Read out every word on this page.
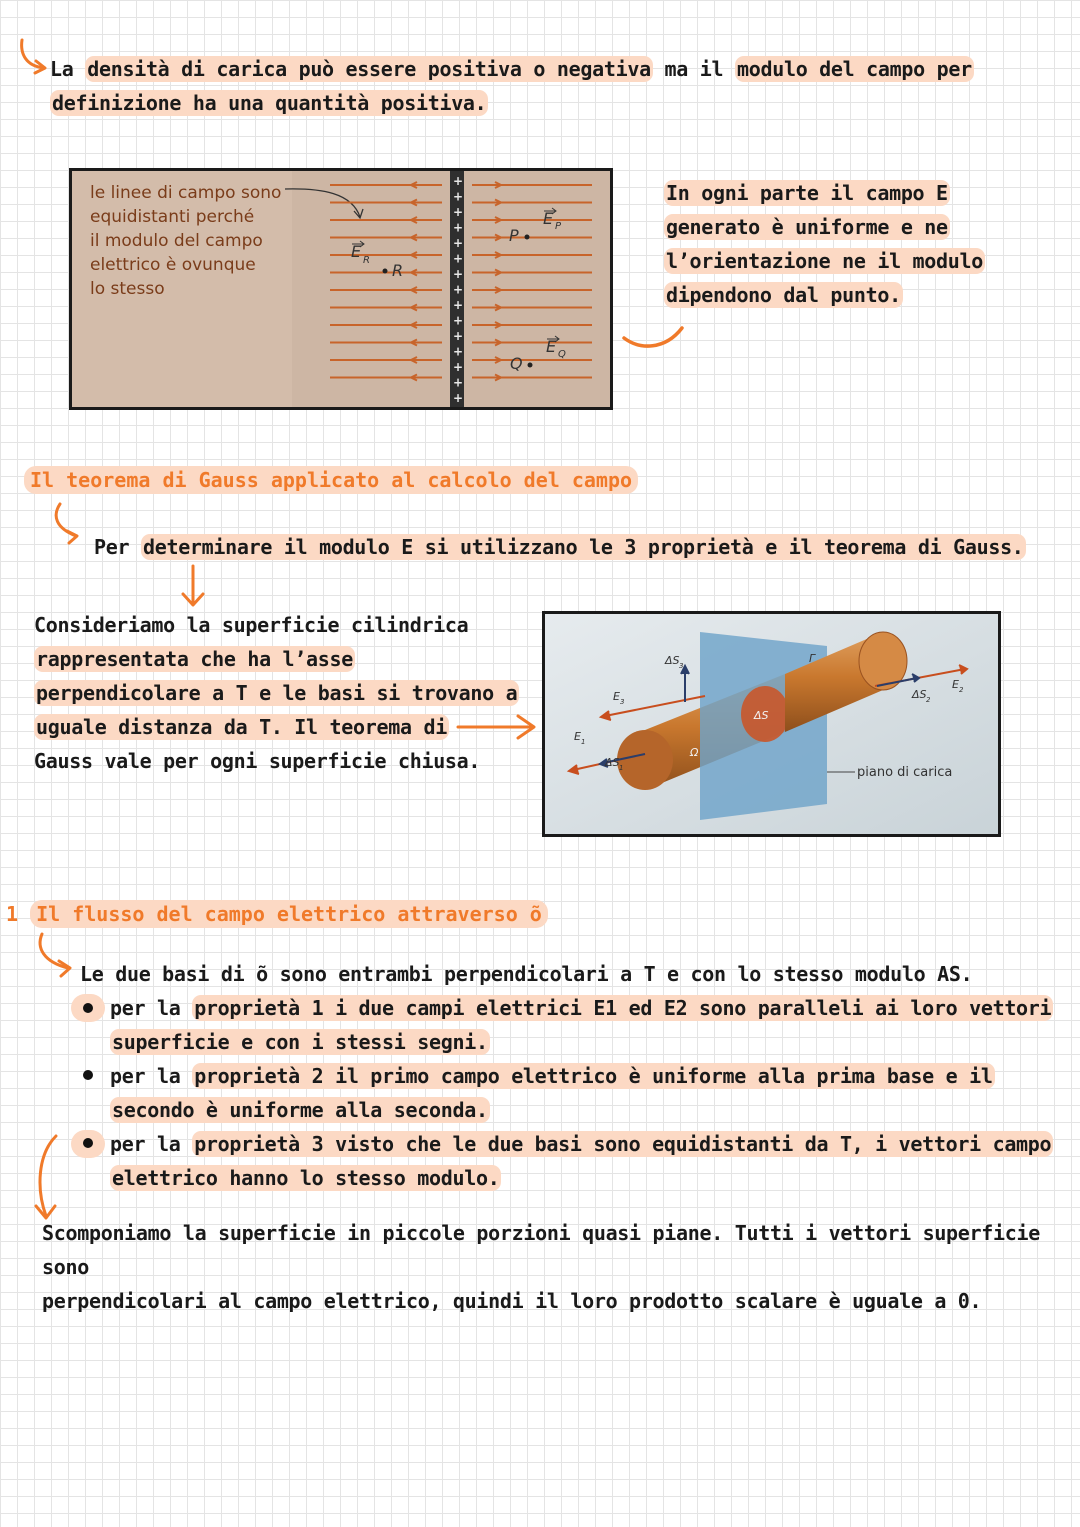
La densità di carica può essere positiva o negativa ma il modulo del campo per
definizione ha una quantità positiva.
le linee di campo sono
equidistanti perché
il modulo del campo
elettrico è ovunque
lo stesso
+
+
+
+
+
+
+
+
+
+
+
+
+
+
+
E R
R
P
E P
Q
E Q
In ogni parte il campo E
generato è uniforme e ne
l’orientazione ne il modulo
dipendono dal punto.
Il teorema di Gauss applicato al calcolo del campo
Per determinare il modulo E si utilizzano le 3 proprietà e il teorema di Gauss.
Consideriamo la superficie cilindrica
rappresentata che ha l’asse
perpendicolare a T e le basi si trovano a
uguale distanza da T. Il teorema di
Gauss vale per ogni superficie chiusa.
ΔS 3
E 3
E 1
ΔS 1
Ω
ΔS
Γ
ΔS 2
E 2
piano di carica
1 Il flusso del campo elettrico attraverso õ
Le due basi di õ sono entrambi perpendicolari a T e con lo stesso modulo AS.
per la proprietà 1 i due campi elettrici E1 ed E2 sono paralleli ai loro vettori
superficie e con i stessi segni.
per la proprietà 2 il primo campo elettrico è uniforme alla prima base e il
secondo è uniforme alla seconda.
per la proprietà 3 visto che le due basi sono equidistanti da T, i vettori campo
elettrico hanno lo stesso modulo.
Scomponiamo la superficie in piccole porzioni quasi piane. Tutti i vettori superficie sono
perpendicolari al campo elettrico, quindi il loro prodotto scalare è uguale a 0.
